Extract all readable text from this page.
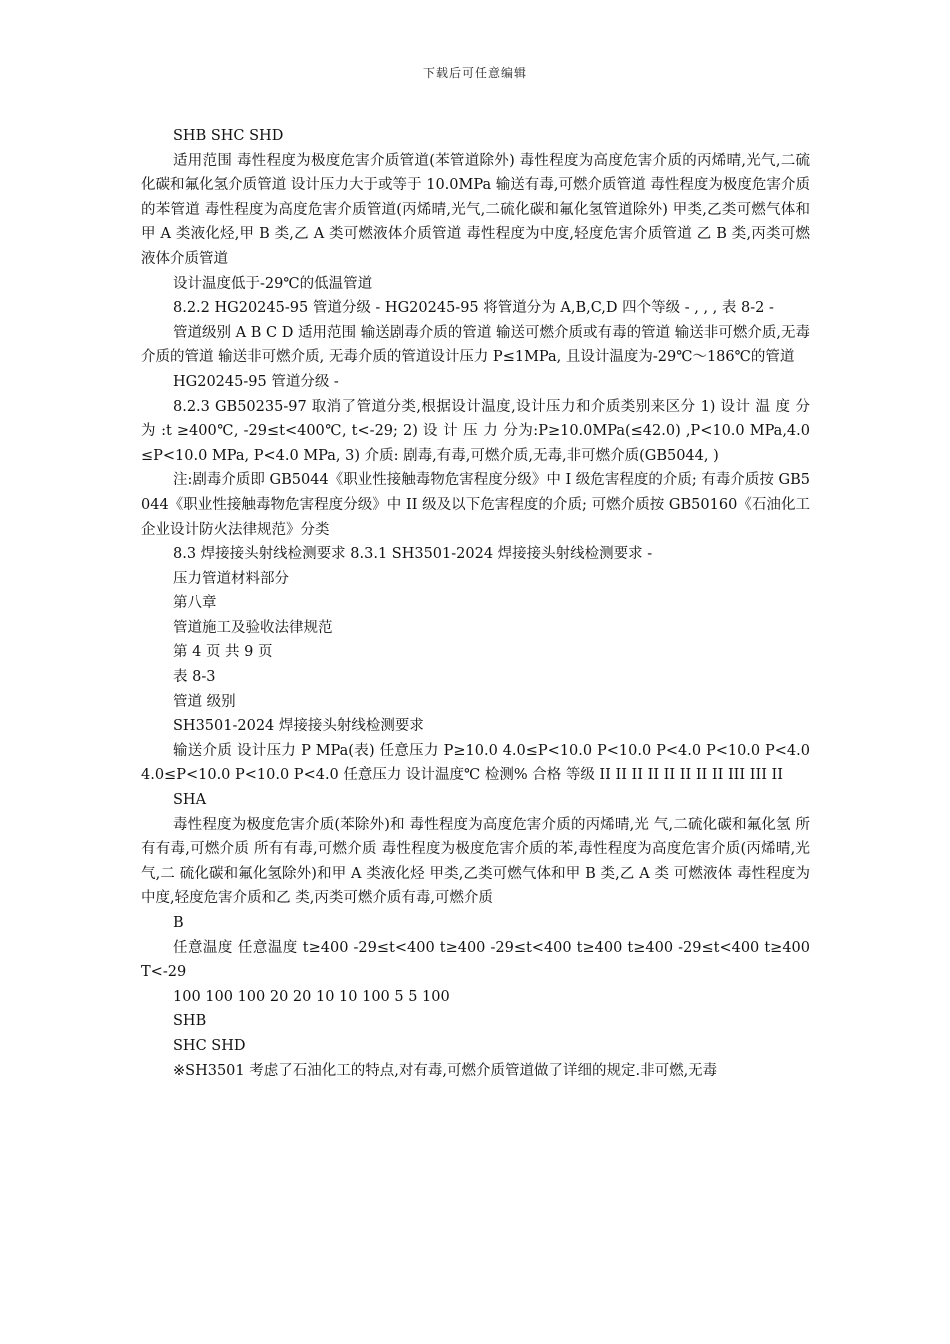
下载后可任意编辑

SHB SHC SHD

适用范围 毒性程度为极度危害介质管道(苯管道除外) 毒性程度为高度危害介质的丙烯晴,光气,二硫化碳和氟化氢介质管道 设计压力大于或等于 10.0MPa 输送有毒,可燃介质管道 毒性程度为极度危害介质的苯管道 毒性程度为高度危害介质管道(丙烯晴,光气,二硫化碳和氟化氢管道除外) 甲类,乙类可燃气体和甲 A 类液化烃,甲 B 类,乙 A 类可燃液体介质管道 毒性程度为中度,轻度危害介质管道 乙 B 类,丙类可燃液体介质管道

设计温度低于-29℃的低温管道

8.2.2 HG20245-95 管道分级 - HG20245-95 将管道分为 A,B,C,D 四个等级 - , , , 表 8-2 -

管道级别 A B C D 适用范围 输送剧毒介质的管道 输送可燃介质或有毒的管道 输送非可燃介质,无毒介质的管道 输送非可燃介质, 无毒介质的管道设计压力 P≤1MPa, 且设计温度为-29℃～186℃的管道

HG20245-95 管道分级 -

8.2.3 GB50235-97 取消了管道分类,根据设计温度,设计压力和介质类别来区分 1) 设计 温 度 分 为 :t ≥400℃, -29≤t<400℃, t<-29; 2) 设 计 压 力 分为:P≥10.0MPa(≤42.0) ,P<10.0 MPa,4.0≤P<10.0 MPa, P<4.0 MPa, 3) 介质: 剧毒,有毒,可燃介质,无毒,非可燃介质(GB5044, )

注:剧毒介质即 GB5044《职业性接触毒物危害程度分级》中 I 级危害程度的介质; 有毒介质按 GB5044《职业性接触毒物危害程度分级》中 II 级及以下危害程度的介质; 可燃介质按 GB50160《石油化工企业设计防火法律规范》分类

8.3 焊接接头射线检测要求 8.3.1 SH3501-2024 焊接接头射线检测要求 -

压力管道材料部分

第八章

管道施工及验收法律规范

第 4 页 共 9 页

表 8-3

管道 级别

SH3501-2024 焊接接头射线检测要求

输送介质 设计压力 P MPa(表) 任意压力 P≥10.0 4.0≤P<10.0 P<10.0 P<4.0 P<10.0 P<4.0 4.0≤P<10.0 P<10.0 P<4.0 任意压力 设计温度℃ 检测% 合格 等级 II II II II II II II II III III II

SHA

毒性程度为极度危害介质(苯除外)和 毒性程度为高度危害介质的丙烯晴,光 气,二硫化碳和氟化氢 所有有毒,可燃介质 所有有毒,可燃介质 毒性程度为极度危害介质的苯,毒性程度为高度危害介质(丙烯晴,光气,二 硫化碳和氟化氢除外)和甲 A 类液化烃 甲类,乙类可燃气体和甲 B 类,乙 A 类 可燃液体 毒性程度为中度,轻度危害介质和乙 类,丙类可燃介质有毒,可燃介质

B

任意温度 任意温度 t≥400 -29≤t<400 t≥400 -29≤t<400 t≥400 t≥400 -29≤t<400 t≥400 T<-29

100 100 100 20 20 10 10 100 5 5 100

SHB

SHC SHD

※SH3501 考虑了石油化工的特点,对有毒,可燃介质管道做了详细的规定.非可燃,无毒
